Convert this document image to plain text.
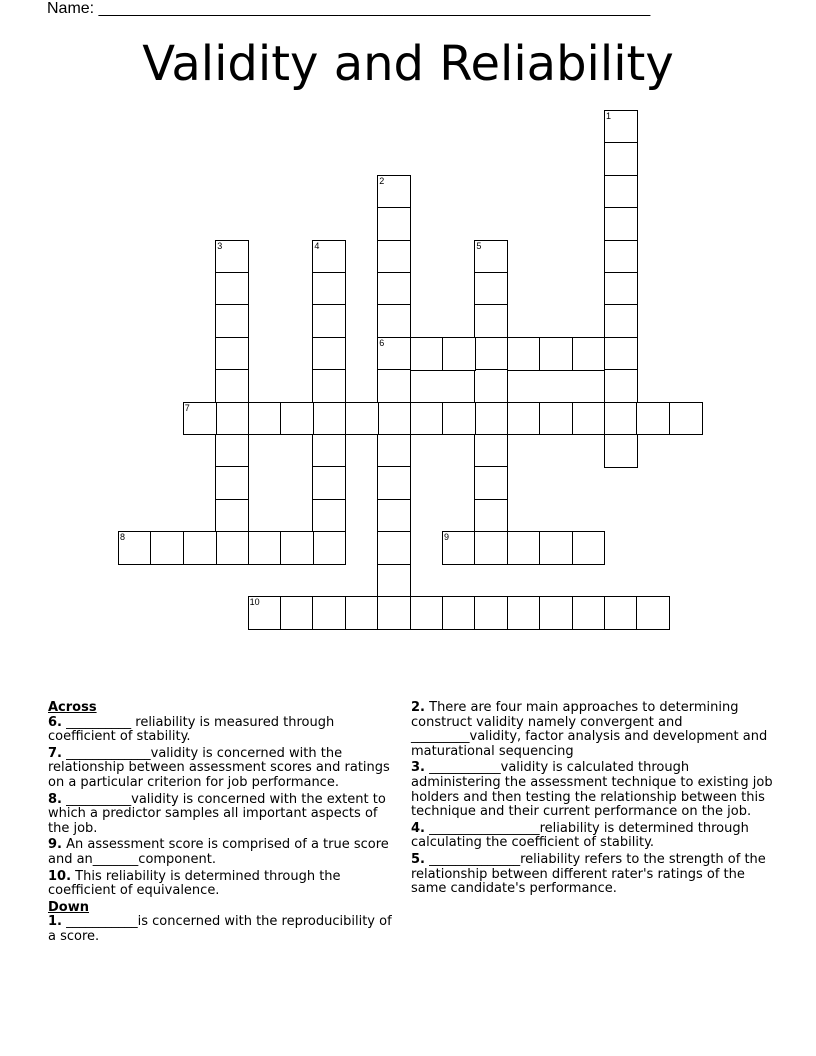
Name: ______________________________________________________________
Validity and Reliability
1
2
6
3	4	5
7
8	9
10
Across
6. __________ reliability is measured through coefficient of stability.
7. _____________validity is concerned with the relationship between assessment scores and ratings on a particular criterion for job performance.
8. __________validity is concerned with the extent to which a predictor samples all important aspects of the job.
9. An assessment score is comprised of a true score and an_______component.
10. This reliability is determined through the coefficient of equivalence.
Down
1. ___________is concerned with the reproducibility of a score.
2. There are four main approaches to determining construct validity namely convergent and _________validity, factor analysis and development and maturational sequencing
3. ___________validity is calculated through administering the assessment technique to existing job holders and then testing the relationship between this technique and their current performance on the job.
4. _________________reliability is determined through calculating the coefficient of stability.
5. ______________reliability refers to the strength of the relationship between different rater's ratings of the same candidate's performance.
